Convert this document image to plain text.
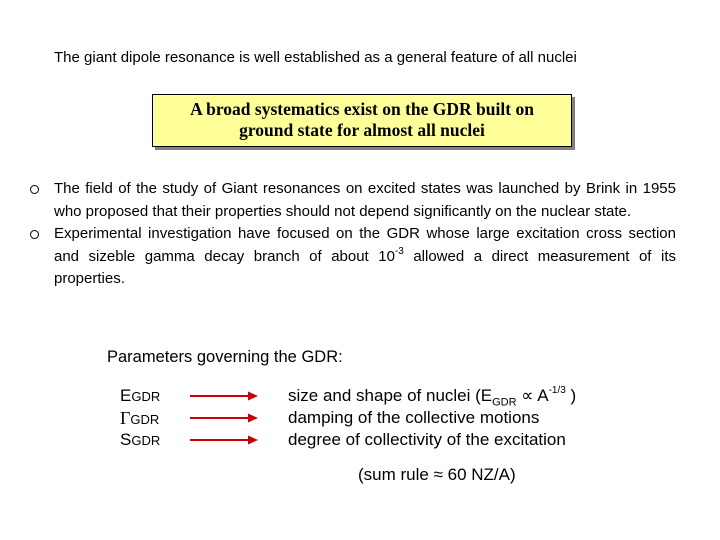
The giant dipole resonance is well established as a general feature of all nuclei
A broad systematics exist on the GDR built on
ground state for almost all nuclei
The field of the study of Giant resonances on excited states was launched by Brink in 1955 who proposed that their properties should not depend significantly on the nuclear state.
Experimental investigation have focused on the GDR whose large excitation cross section and sizeble gamma decay branch of about $10^{-3}$ allowed a direct measurement of its properties.
Parameters governing the GDR:
EGDR	size and shape of nuclei ($E_{GDR} \propto A^{-1/3}$ )
ΓGDR	damping of the collective motions
SGDR	degree of collectivity of the excitation
(sum rule ≈ 60 NZ/A)
